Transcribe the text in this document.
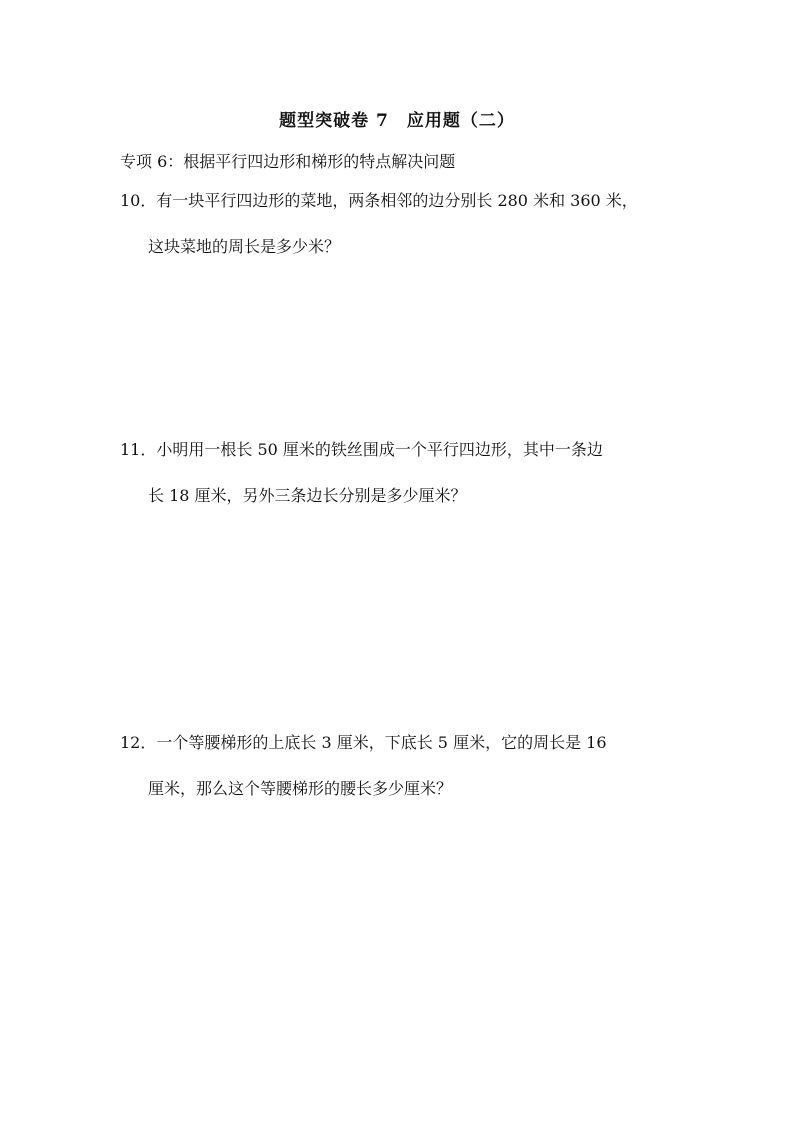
题型突破卷 7　应用题（二）
专项 6：根据平行四边形和梯形的特点解决问题
10．有一块平行四边形的菜地，两条相邻的边分别长 280 米和 360 米，
这块菜地的周长是多少米？
11．小明用一根长 50 厘米的铁丝围成一个平行四边形，其中一条边
长 18 厘米，另外三条边长分别是多少厘米？
12．一个等腰梯形的上底长 3 厘米，下底长 5 厘米，它的周长是 16
厘米，那么这个等腰梯形的腰长多少厘米？
